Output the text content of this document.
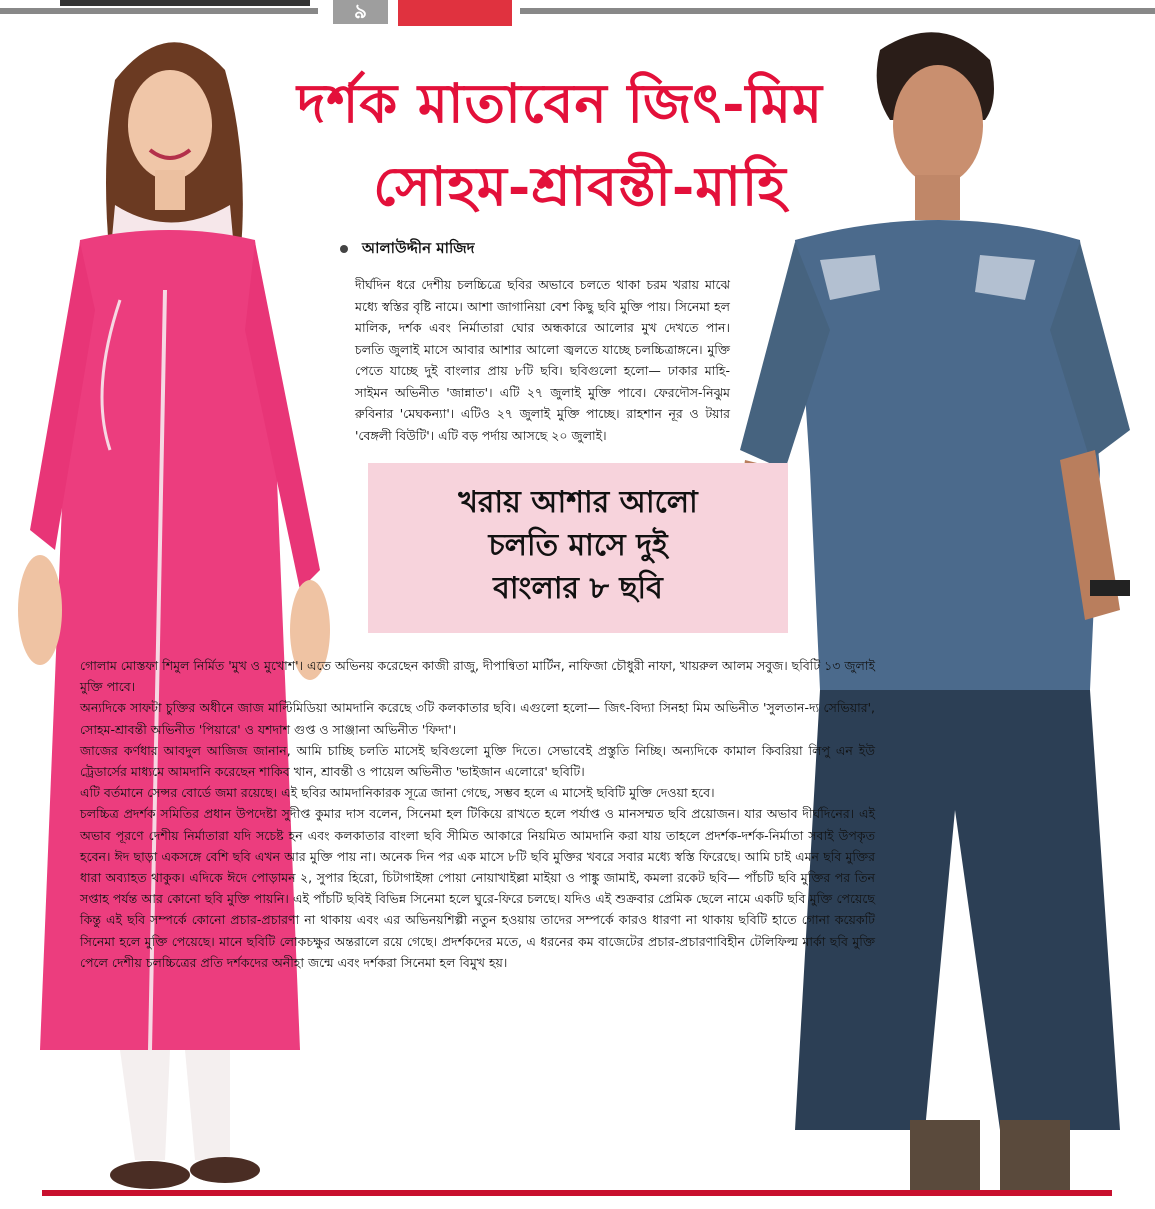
৯
দর্শক মাতাবেন জিৎ-মিম
সোহম-শ্রাবন্তী-মাহি
আলাউদ্দীন মাজিদ

দীর্ঘদিন ধরে দেশীয় চলচ্চিত্রে ছবির অভাবে চলতে থাকা চরম খরায় মাঝে মধ্যে স্বস্তির বৃষ্টি নামে। আশা জাগানিয়া বেশ কিছু ছবি মুক্তি পায়। সিনেমা হল মালিক, দর্শক এবং নির্মাতারা ঘোর অন্ধকারে আলোর মুখ দেখতে পান। চলতি জুলাই মাসে আবার আশার আলো জ্বলতে যাচ্ছে চলচ্চিত্রাঙ্গনে। মুক্তি পেতে যাচ্ছে দুই বাংলার প্রায় ৮টি ছবি। ছবিগুলো হলো— ঢাকার মাহি-সাইমন অভিনীত 'জান্নাত'। এটি ২৭ জুলাই মুক্তি পাবে। ফেরদৌস-নিঝুম রুবিনার 'মেঘকন্যা'। এটিও ২৭ জুলাই মুক্তি পাচ্ছে। রাহশান নূর ও টয়ার 'বেঙ্গলী বিউটি'। এটি বড় পর্দায় আসছে ২০ জুলাই।

খরায় আশার আলো
চলতি মাসে দুই
বাংলার ৮ ছবি

গোলাম মোস্তফা শিমুল নির্মিত 'মুখ ও মুখোশ'। এতে অভিনয় করেছেন কাজী রাজু, দীপান্বিতা মার্টিন, নাফিজা চৌধুরী নাফা, খায়রুল আলম সবুজ। ছবিটি ১৩ জুলাই মুক্তি পাবে।

অন্যদিকে সাফটা চুক্তির অধীনে জাজ মাল্টিমিডিয়া আমদানি করেছে ৩টি কলকাতার ছবি। এগুলো হলো— জিৎ-বিদ্যা সিনহা মিম অভিনীত 'সুলতান-দ্য সেভিয়ার', সোহম-শ্রাবন্তী অভিনীত 'পিয়ারে' ও যশদাশ গুপ্ত ও সাঞ্জানা অভিনীত 'ফিদা'।

জাজের কর্ণধার আবদুল আজিজ জানান, আমি চাচ্ছি চলতি মাসেই ছবিগুলো মুক্তি দিতে। সেভাবেই প্রস্তুতি নিচ্ছি। অন্যদিকে কামাল কিবরিয়া লিপু এন ইউ ট্রেডার্সের মাধ্যমে আমদানি করেছেন শাকিব খান, শ্রাবন্তী ও পায়েল অভিনীত 'ভাইজান এলোরে' ছবিটি।

এটি বর্তমানে সেন্সর বোর্ডে জমা রয়েছে। এই ছবির আমদানিকারক সূত্রে জানা গেছে, সম্ভব হলে এ মাসেই ছবিটি মুক্তি দেওয়া হবে।

চলচ্চিত্র প্রদর্শক সমিতির প্রধান উপদেষ্টা সুদীপ্ত কুমার দাস বলেন, সিনেমা হল টিকিয়ে রাখতে হলে পর্যাপ্ত ও মানসম্মত ছবি প্রয়োজন। যার অভাব দীর্ঘদিনের। এই অভাব পূরণে দেশীয় নির্মাতারা যদি সচেষ্ট হন এবং কলকাতার বাংলা ছবি সীমিত আকারে নিয়মিত আমদানি করা যায় তাহলে প্রদর্শক-দর্শক-নির্মাতা সবাই উপকৃত হবেন। ঈদ ছাড়া একসঙ্গে বেশি ছবি এখন আর মুক্তি পায় না। অনেক দিন পর এক মাসে ৮টি ছবি মুক্তির খবরে সবার মধ্যে স্বস্তি ফিরেছে। আমি চাই এমন ছবি মুক্তির ধারা অব্যাহত থাকুক। এদিকে ঈদে পোড়ামন ২, সুপার হিরো, চিটাগাইঙ্গা পোয়া নোয়াখাইল্লা মাইয়া ও পাঙ্কু জামাই, কমলা রকেট ছবি— পাঁচটি ছবি মুক্তির পর তিন সপ্তাহ পর্যন্ত আর কোনো ছবি মুক্তি পায়নি। এই পাঁচটি ছবিই বিভিন্ন সিনেমা হলে ঘুরে-ফিরে চলছে। যদিও এই শুক্রবার প্রেমিক ছেলে নামে একটি ছবি মুক্তি পেয়েছে কিন্তু এই ছবি সম্পর্কে কোনো প্রচার-প্রচারণা না থাকায় এবং এর অভিনয়শিল্পী নতুন হওয়ায় তাদের সম্পর্কে কারও ধারণা না থাকায় ছবিটি হাতে গোনা কয়েকটি সিনেমা হলে মুক্তি পেয়েছে। মানে ছবিটি লোকচক্ষুর অন্তরালে রয়ে গেছে। প্রদর্শকদের মতে, এ ধরনের কম বাজেটের প্রচার-প্রচারণাবিহীন টেলিফিল্ম মার্কা ছবি মুক্তি পেলে দেশীয় চলচ্চিত্রের প্রতি দর্শকদের অনীহা জন্মে এবং দর্শকরা সিনেমা হল বিমুখ হয়।
